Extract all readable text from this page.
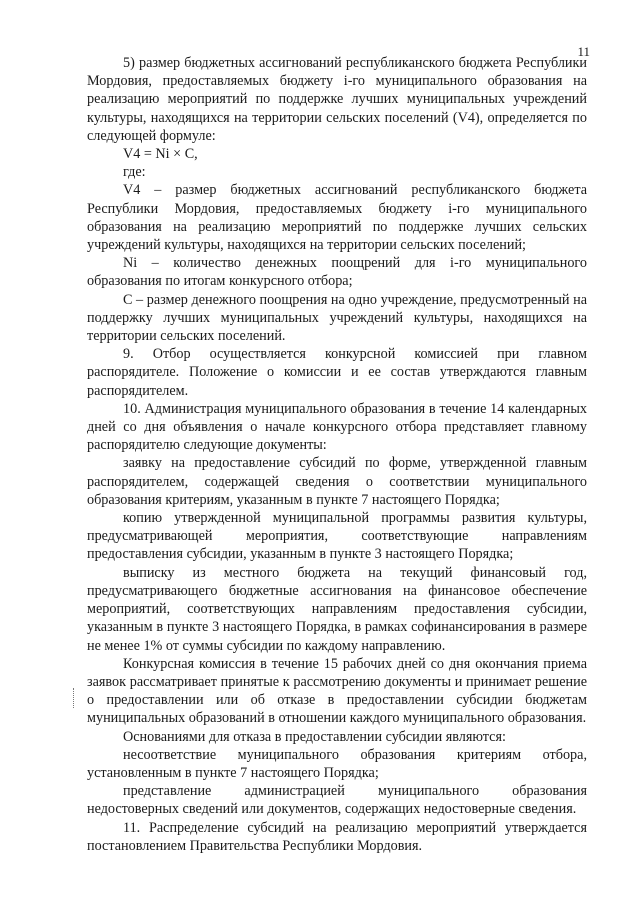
11

5) размер бюджетных ассигнований республиканского бюджета Республики Мордовия, предоставляемых бюджету i-го муниципального образования на реализацию мероприятий по поддержке лучших муниципальных учреждений культуры, находящихся на территории сельских поселений (V4), определяется по следующей формуле:

V4 = Ni × C,

где:

V4 – размер бюджетных ассигнований республиканского бюджета Республики Мордовия, предоставляемых бюджету i-го муниципального образования на реализацию мероприятий по поддержке лучших сельских учреждений культуры, находящихся на территории сельских поселений;

Ni – количество денежных поощрений для i-го муниципального образования по итогам конкурсного отбора;

C – размер денежного поощрения на одно учреждение, предусмотренный на поддержку лучших муниципальных учреждений культуры, находящихся на территории сельских поселений.

9. Отбор осуществляется конкурсной комиссией при главном распорядителе. Положение о комиссии и ее состав утверждаются главным распорядителем.

10. Администрация муниципального образования в течение 14 календарных дней со дня объявления о начале конкурсного отбора представляет главному распорядителю следующие документы:

заявку на предоставление субсидий по форме, утвержденной главным распорядителем, содержащей сведения о соответствии муниципального образования критериям, указанным в пункте 7 настоящего Порядка;

копию утвержденной муниципальной программы развития культуры, предусматривающей мероприятия, соответствующие направлениям предоставления субсидии, указанным в пункте 3 настоящего Порядка;

выписку из местного бюджета на текущий финансовый год, предусматривающего бюджетные ассигнования на финансовое обеспечение мероприятий, соответствующих направлениям предоставления субсидии, указанным в пункте 3 настоящего Порядка, в рамках софинансирования в размере не менее 1% от суммы субсидии по каждому направлению.

Конкурсная комиссия в течение 15 рабочих дней со дня окончания приема заявок рассматривает принятые к рассмотрению документы и принимает решение о предоставлении или об отказе в предоставлении субсидии бюджетам муниципальных образований в отношении каждого муниципального образования.

Основаниями для отказа в предоставлении субсидии являются:

несоответствие муниципального образования критериям отбора, установленным в пункте 7 настоящего Порядка;

представление администрацией муниципального образования недостоверных сведений или документов, содержащих недостоверные сведения.

11. Распределение субсидий на реализацию мероприятий утверждается постановлением Правительства Республики Мордовия.
